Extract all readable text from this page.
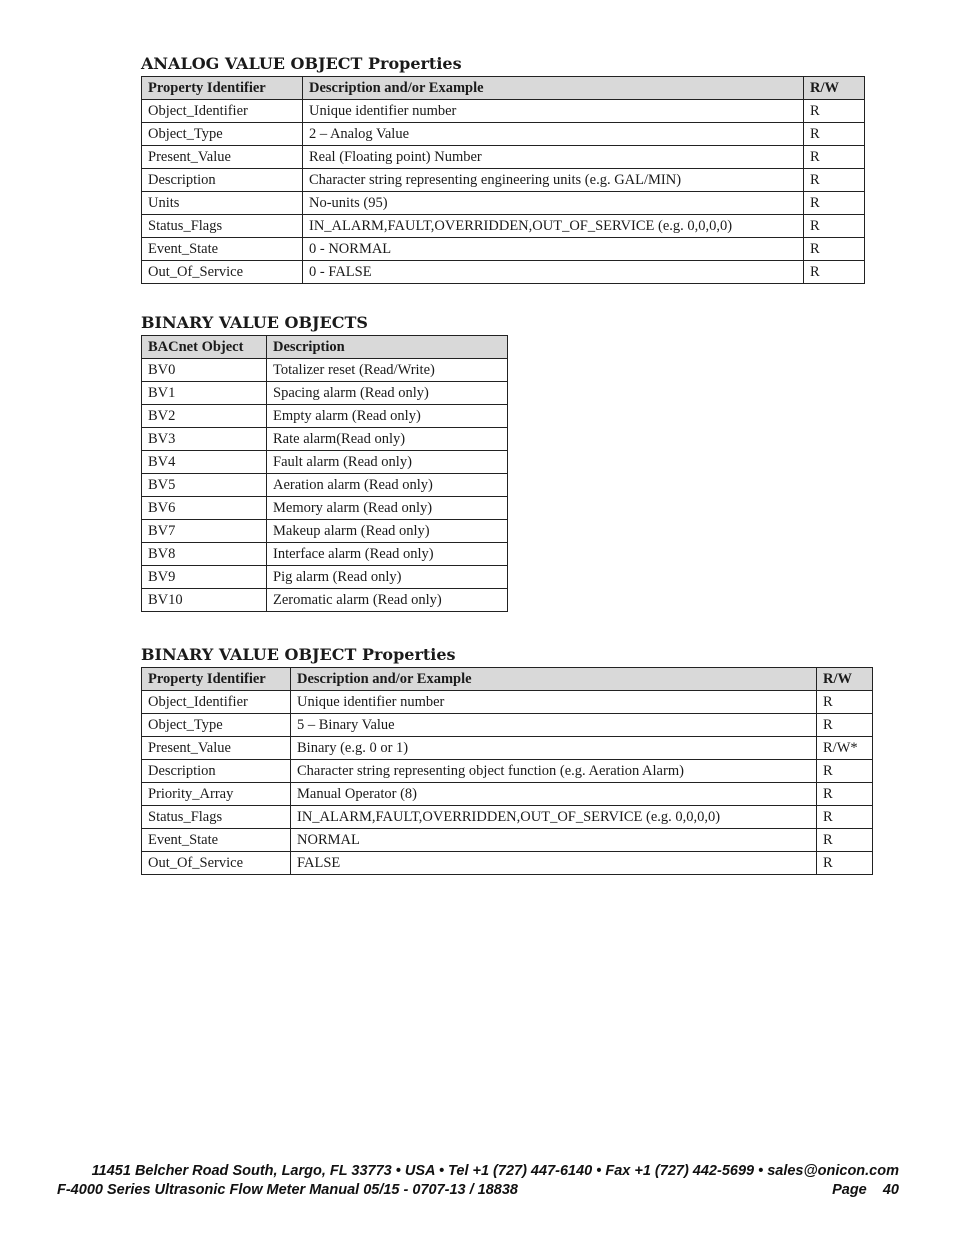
ANALOG VALUE OBJECT Properties
Property Identifier	Description and/or Example	R/W
Object_Identifier	Unique identifier number	R
Object_Type	2 – Analog Value	R
Present_Value	Real (Floating point) Number	R
Description	Character string representing engineering units (e.g. GAL/MIN)	R
Units	No-units (95)	R
Status_Flags	IN_ALARM,FAULT,OVERRIDDEN,OUT_OF_SERVICE (e.g. 0,0,0,0)	R
Event_State	0 - NORMAL	R
Out_Of_Service	0 - FALSE	R
BINARY VALUE OBJECTS
BACnet Object	Description
BV0	Totalizer reset (Read/Write)
BV1	Spacing alarm (Read only)
BV2	Empty alarm (Read only)
BV3	Rate alarm(Read only)
BV4	Fault alarm (Read only)
BV5	Aeration alarm (Read only)
BV6	Memory alarm (Read only)
BV7	Makeup alarm (Read only)
BV8	Interface alarm (Read only)
BV9	Pig alarm (Read only)
BV10	Zeromatic alarm (Read only)
BINARY VALUE OBJECT Properties
Property Identifier	Description and/or Example	R/W
Object_Identifier	Unique identifier number	R
Object_Type	5 – Binary Value	R
Present_Value	Binary (e.g. 0 or 1)	R/W*
Description	Character string representing object function (e.g. Aeration Alarm)	R
Priority_Array	Manual Operator (8)	R
Status_Flags	IN_ALARM,FAULT,OVERRIDDEN,OUT_OF_SERVICE (e.g. 0,0,0,0)	R
Event_State	NORMAL	R
Out_Of_Service	FALSE	R
11451 Belcher Road South, Largo, FL 33773 • USA • Tel +1 (727) 447-6140 • Fax +1 (727) 442-5699 • sales@onicon.com
F-4000 Series Ultrasonic Flow Meter Manual 05/15 - 0707-13 / 18838	Page    40
